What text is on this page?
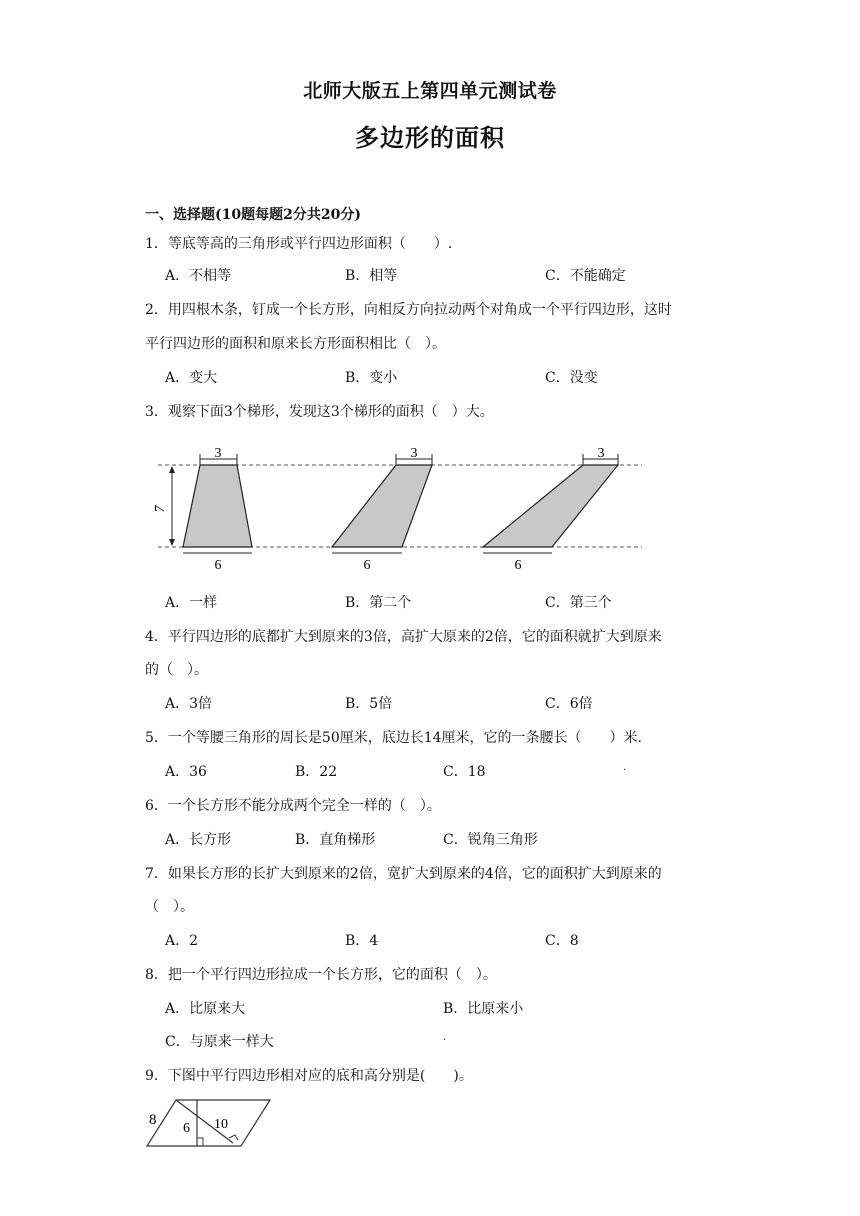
北师大版五上第四单元测试卷
多边形的面积
一、选择题(10题每题2分共20分)
1．等底等高的三角形或平行四边形面积（　　）.
A．不相等	B．相等	C．不能确定
2．用四根木条，钉成一个长方形，向相反方向拉动两个对角成一个平行四边形，这时
平行四边形的面积和原来长方形面积相比（　）。
A．变大	B．变小	C．没变
3．观察下面3个梯形，发现这3个梯形的面积（　）大。
7
3
6
3
6
3
6
A．一样	B．第二个	C．第三个
4．平行四边形的底都扩大到原来的3倍，高扩大原来的2倍，它的面积就扩大到原来
的（　）。
A．3倍	B．5倍	C．6倍
5．一个等腰三角形的周长是50厘米，底边长14厘米，它的一条腰长（　　）米.
A．36	B．22	C．18	.
6．一个长方形不能分成两个完全一样的（　）。
A．长方形	B．直角梯形	C．锐角三角形
7．如果长方形的长扩大到原来的2倍，宽扩大到原来的4倍，它的面积扩大到原来的
（　）。
A．2	B．4	C．8
8．把一个平行四边形拉成一个长方形，它的面积（　）。
A．比原来大	B．比原来小
C．与原来一样大	.
9．下图中平行四边形相对应的底和高分别是(　　)。
8
6 10
